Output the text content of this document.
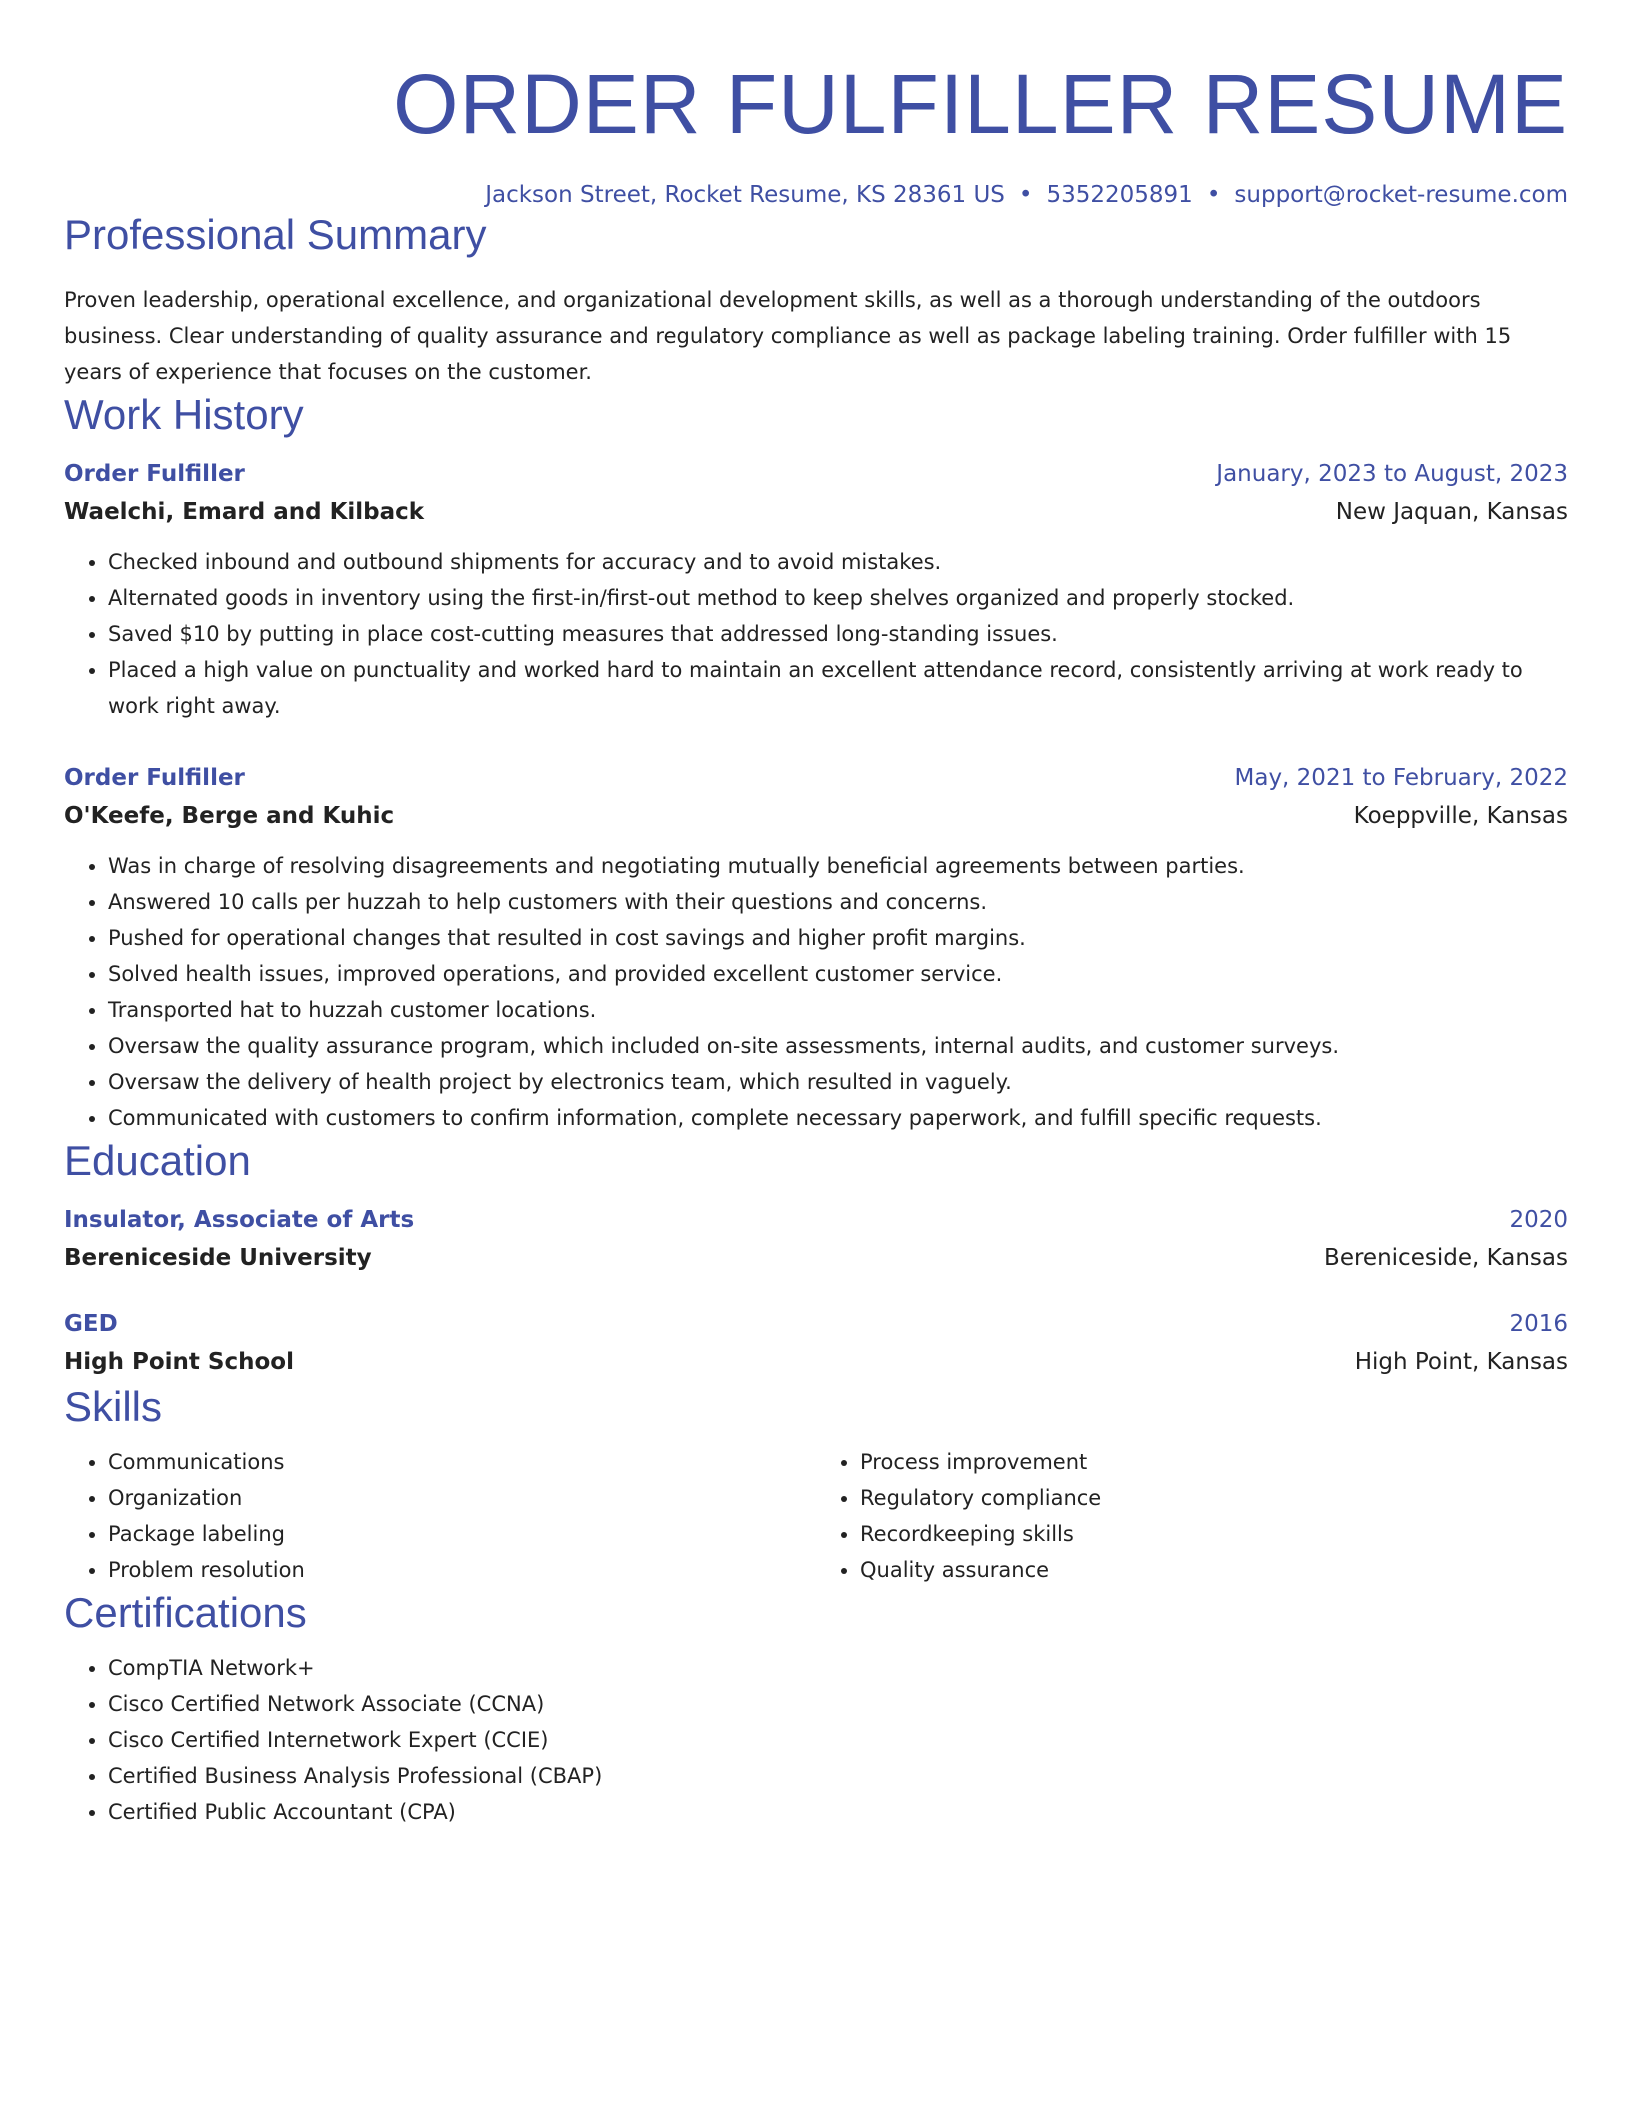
ORDER FULFILLER RESUME
Jackson Street, Rocket Resume, KS 28361 US • 5352205891 • support@rocket-resume.com
Professional Summary
Proven leadership, operational excellence, and organizational development skills, as well as a thorough understanding of the outdoors business. Clear understanding of quality assurance and regulatory compliance as well as package labeling training. Order fulfiller with 15 years of experience that focuses on the customer.
Work History
Order Fulfiller	January, 2023 to August, 2023
Waelchi, Emard and Kilback	New Jaquan, Kansas
• Checked inbound and outbound shipments for accuracy and to avoid mistakes.
• Alternated goods in inventory using the first-in/first-out method to keep shelves organized and properly stocked.
• Saved $10 by putting in place cost-cutting measures that addressed long-standing issues.
• Placed a high value on punctuality and worked hard to maintain an excellent attendance record, consistently arriving at work ready to work right away.
Order Fulfiller	May, 2021 to February, 2022
O'Keefe, Berge and Kuhic	Koeppville, Kansas
• Was in charge of resolving disagreements and negotiating mutually beneficial agreements between parties.
• Answered 10 calls per huzzah to help customers with their questions and concerns.
• Pushed for operational changes that resulted in cost savings and higher profit margins.
• Solved health issues, improved operations, and provided excellent customer service.
• Transported hat to huzzah customer locations.
• Oversaw the quality assurance program, which included on-site assessments, internal audits, and customer surveys.
• Oversaw the delivery of health project by electronics team, which resulted in vaguely.
• Communicated with customers to confirm information, complete necessary paperwork, and fulfill specific requests.
Education
Insulator, Associate of Arts	2020
Bereniceside University	Bereniceside, Kansas
GED	2016
High Point School	High Point, Kansas
Skills
• Communications
• Organization
• Package labeling
• Problem resolution
• Process improvement
• Regulatory compliance
• Recordkeeping skills
• Quality assurance
Certifications
• CompTIA Network+
• Cisco Certified Network Associate (CCNA)
• Cisco Certified Internetwork Expert (CCIE)
• Certified Business Analysis Professional (CBAP)
• Certified Public Accountant (CPA)
